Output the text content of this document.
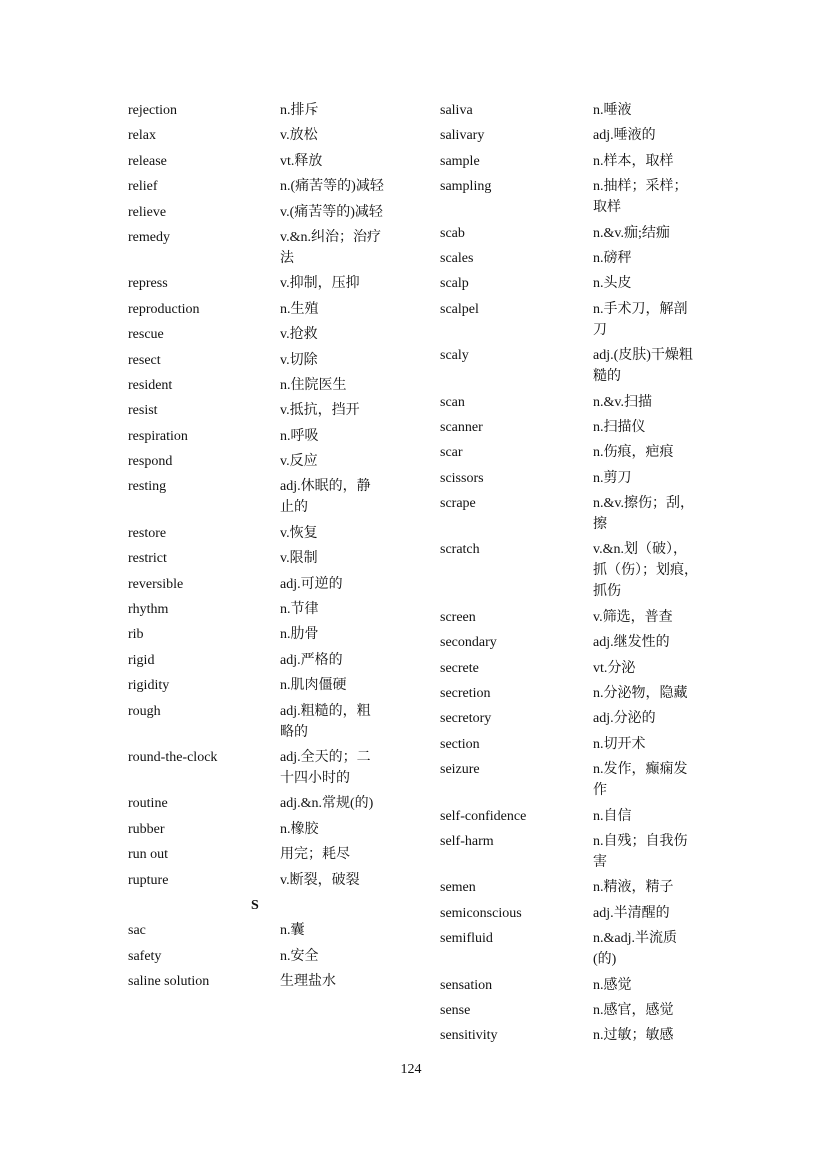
rejection	n.排斥
relax	v.放松
release	vt.释放
relief	n.(痛苦等的)减轻
relieve	v.(痛苦等的)减轻
remedy	v.&n.纠治；治疗法
repress	v.抑制，压抑
reproduction	n.生殖
rescue	v.抢救
resect	v.切除
resident	n.住院医生
resist	v.抵抗，挡开
respiration	n.呼吸
respond	v.反应
resting	adj.休眠的，静止的
restore	v.恢复
restrict	v.限制
reversible	adj.可逆的
rhythm	n.节律
rib	n.肋骨
rigid	adj.严格的
rigidity	n.肌肉僵硬
rough	adj.粗糙的，粗略的
round-the-clock	adj.全天的；二十四小时的
routine	adj.&n.常规(的)
rubber	n.橡胶
run out	用完；耗尽
rupture	v.断裂，破裂
S
sac	n.囊
safety	n.安全
saline solution	生理盐水
saliva	n.唾液
salivary	adj.唾液的
sample	n.样本，取样
sampling	n.抽样；采样；取样
scab	n.&v.痂;结痂
scales	n.磅秤
scalp	n.头皮
scalpel	n.手术刀，解剖刀
scaly	adj.(皮肤)干燥粗糙的
scan	n.&v.扫描
scanner	n.扫描仪
scar	n.伤痕，疤痕
scissors	n.剪刀
scrape	n.&v.擦伤；刮，擦
scratch	v.&n.划（破），抓（伤）；划痕，抓伤
screen	v.筛选，普查
secondary	adj.继发性的
secrete	vt.分泌
secretion	n.分泌物，隐藏
secretory	adj.分泌的
section	n.切开术
seizure	n.发作，癫痫发作
self-confidence	n.自信
self-harm	n.自残；自我伤害
semen	n.精液，精子
semiconscious	adj.半清醒的
semifluid	n.&adj.半流质(的)
sensation	n.感觉
sense	n.感官，感觉
sensitivity	n.过敏；敏感
124
